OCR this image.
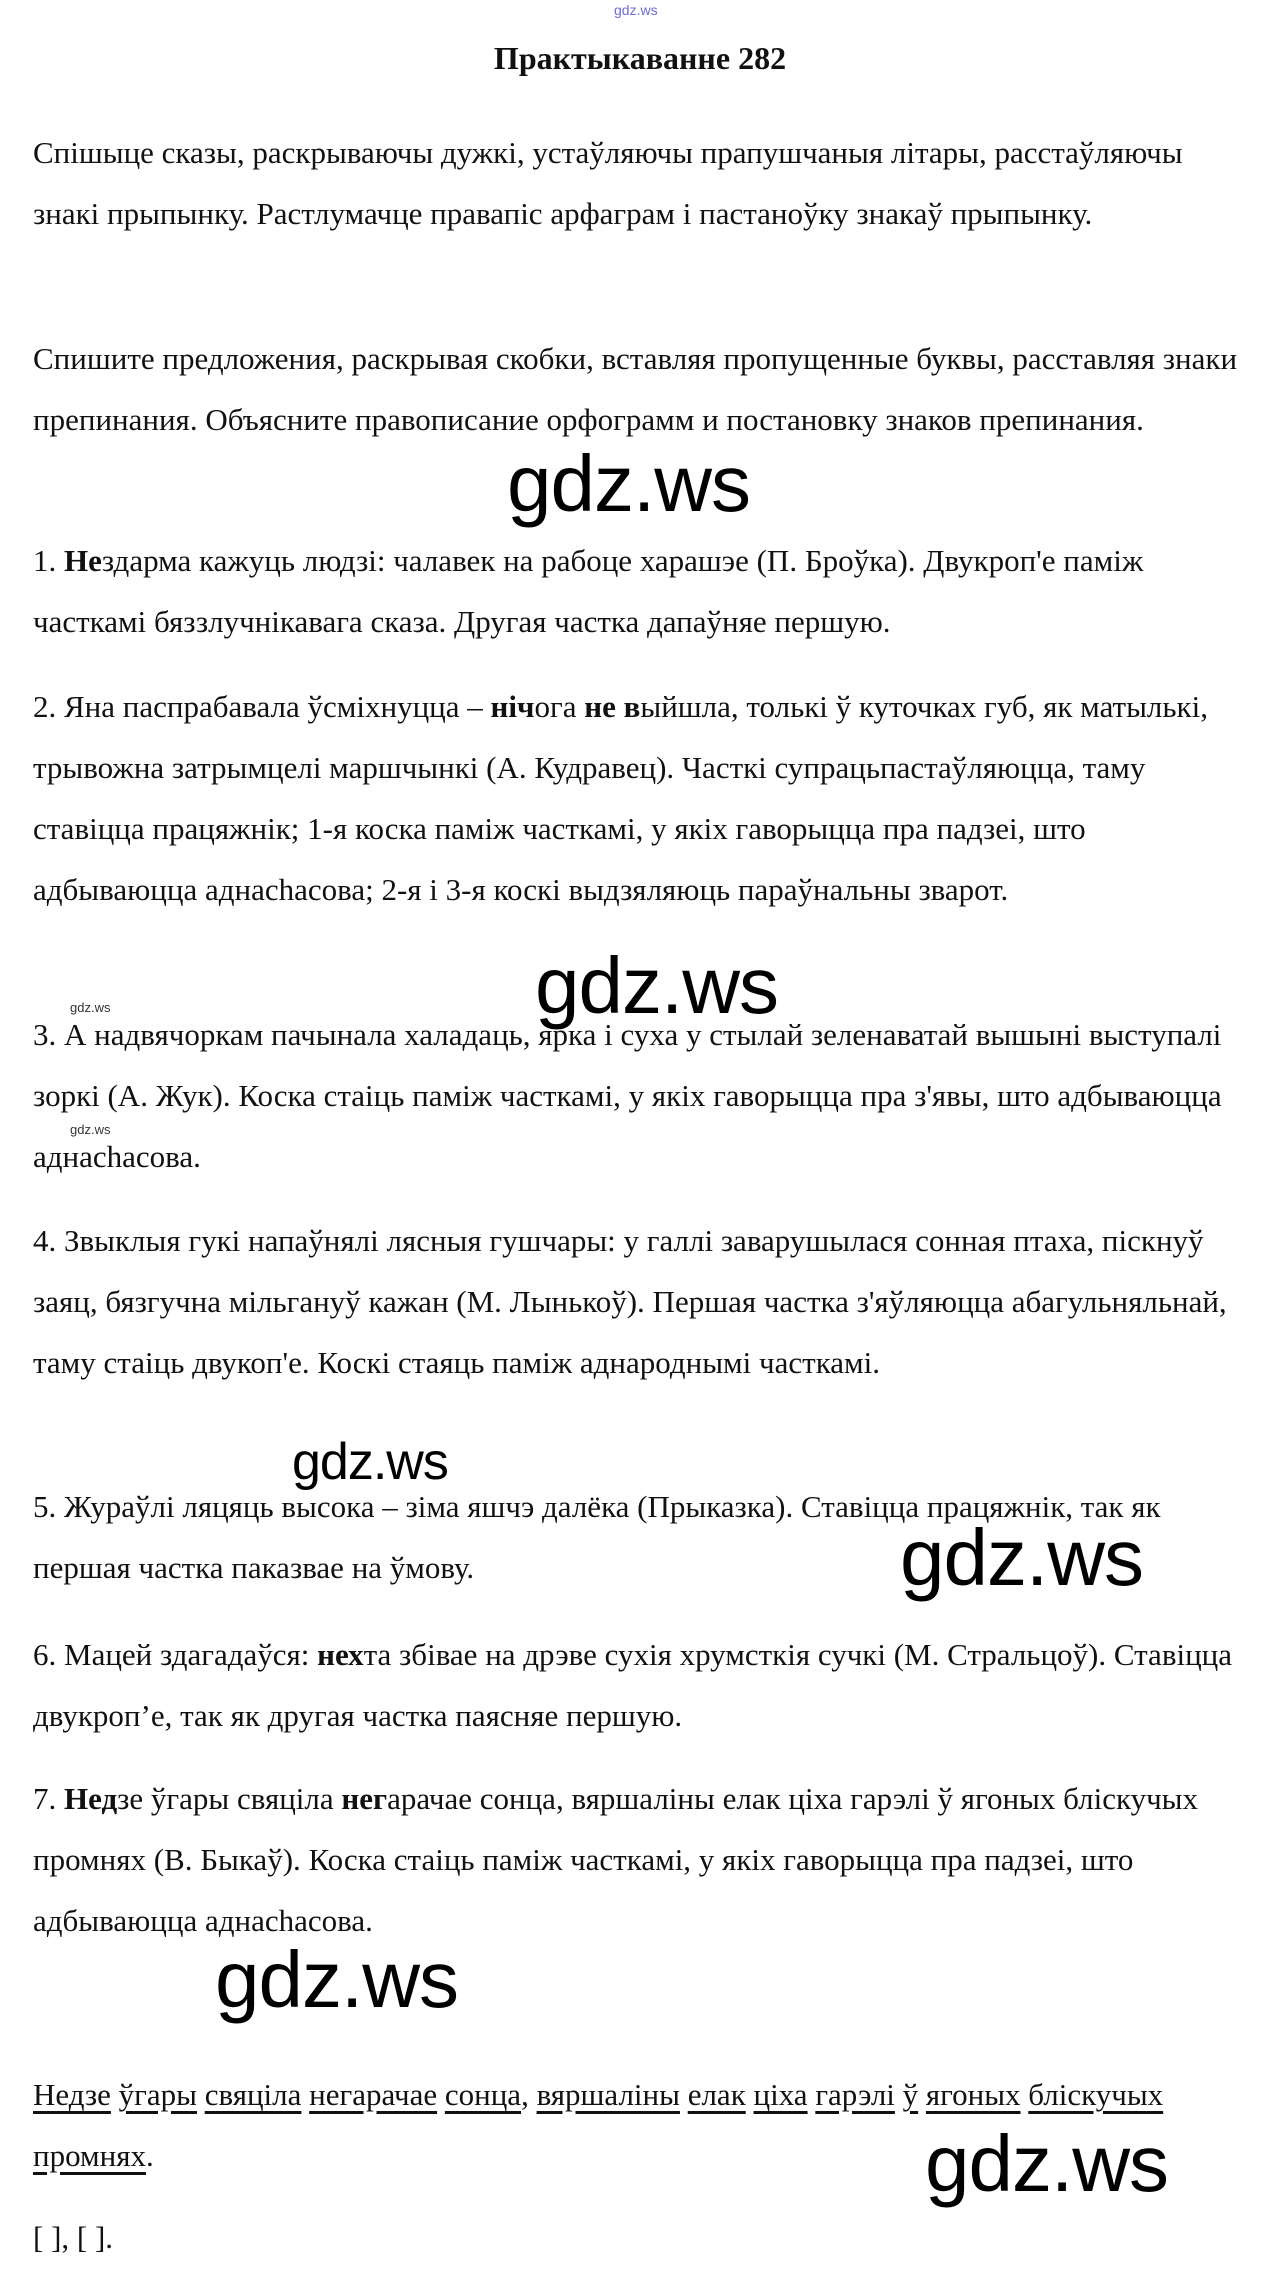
gdz.ws
Практыкаванне 282
Спішыце сказы, раскрываючы дужкі, устаўляючы прапушчаныя літары, расстаўляючы знакі прыпынку. Растлумачце правапіс арфаграм і пастаноўку знакаў прыпынку.
Спишите предложения, раскрывая скобки, вставляя пропущенные буквы, расставляя знаки препинания. Объясните правописание орфограмм и постановку знаков препинания.
gdz.ws
1. Нездарма кажуць людзі: чалавек на рабоце харашэе (П. Броўка). Двукроп'е паміж часткамі бяззлучнікавага сказа. Другая частка дапаўняе першую.
2. Яна паспрабавала ўсміхнуцца – нічога не выйшла, толькі ў куточках губ, як матылькі, трывожна затрымцелі маршчынкі (А. Кудравец). Часткі супрацьпастаўляюцца, таму ставіцца працяжнік; 1-я коска паміж часткамі, у якіх гаворыцца пра падзеі, што адбываюцца аднachасова; 2-я і 3-я коскі выдзяляюць параўнальны зварот.
gdz.ws
gdz.ws
3. А надвячоркам пачынала халадаць, ярка і суха у стылай зеленаватай вышыні выступалі зоркі (А. Жук). Коска стаіць паміж часткамі, у якіх гаворыцца пра з'явы, што адбываюцца аднachасова.
gdz.ws
4. Звыклыя гукі напаўнялі лясныя гушчары: у галлі заварушылася сонная птаха, піскнуў заяц, бязгучна мільгануў кажан (М. Лынькоў). Першая частка з'яўляюцца абагульняльнай, таму стаіць двукоп'е. Коскі стаяць паміж аднароднымі часткамі.
gdz.ws
5. Жураўлі ляцяць высока – зіма яшчэ далёка (Прыказка). Ставіцца працяжнік, так як першая частка паказвае на ўмову.	gdz.ws
6. Мацей здагадаўся: нехта збівае на дрэве сухія хрумсткія сучкі (М. Стральцоў). Ставіцца двукроп’е, так як другая частка паясняе першую.
7. Недзе ўгары свяціла негарачае сонца, вяршаліны елак ціха гарэлі ў ягоных бліскучых промнях (В. Быкаў). Коска стаіць паміж часткамі, у якіх гаворыцца пра падзеі, што адбываюцца аднachасова.
gdz.ws
Недзе ўгары свяціла негарачае сонца, вяршаліны елак ціха гарэлі ў ягоных бліскучых промнях.	gdz.ws
[ ], [ ].
